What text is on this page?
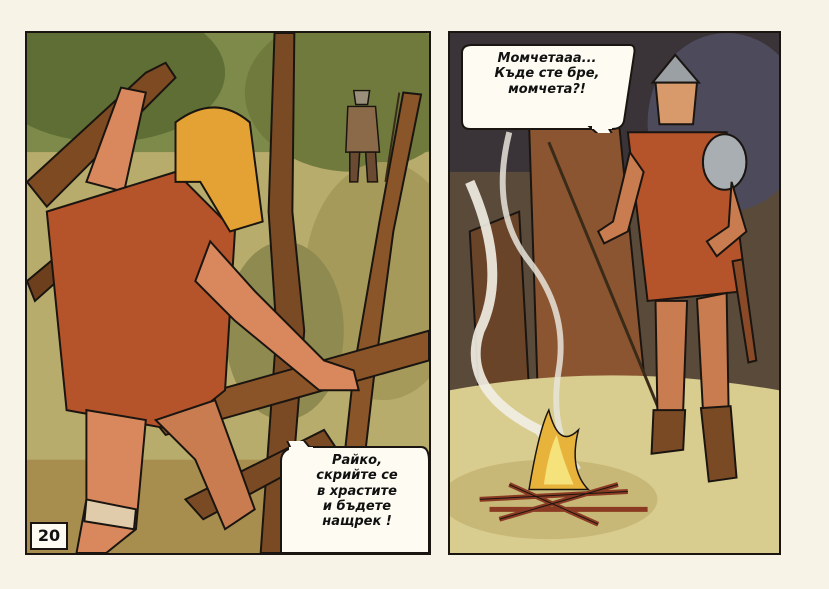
Райко,
скрийте се
в храстите
и бъдете
нащрек !
20
Момчетааа...
Къде сте бре,
момчета?!
